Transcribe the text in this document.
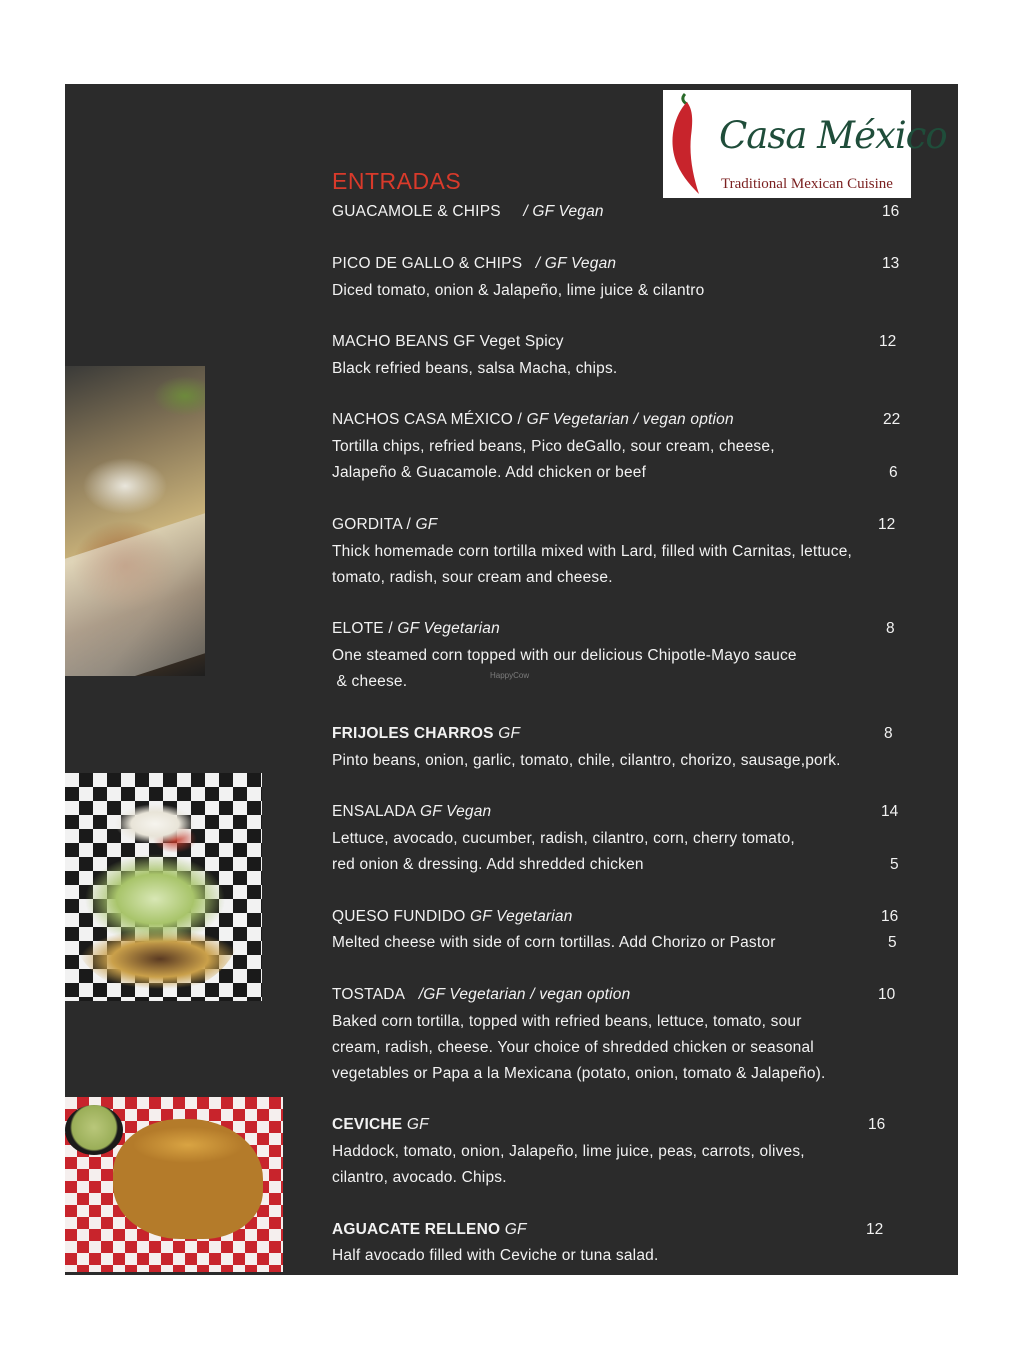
Casa México
Traditional Mexican Cuisine
ENTRADAS
GUACAMOLE & CHIPS / GF Vegan	16
PICO DE GALLO & CHIPS / GF Vegan	13
Diced tomato, onion & Jalapeño, lime juice & cilantro
MACHO BEANS GF Veget Spicy	12
Black refried beans, salsa Macha, chips.
NACHOS CASA MÉXICO / GF Vegetarian / vegan option	22
Tortilla chips, refried beans, Pico deGallo, sour cream, cheese,
Jalapeño & Guacamole. Add chicken or beef	6
GORDITA / GF	12
Thick homemade corn tortilla mixed with Lard, filled with Carnitas, lettuce,
tomato, radish, sour cream and cheese.
ELOTE / GF Vegetarian	8
One steamed corn topped with our delicious Chipotle-Mayo sauce
& cheese.	HappyCow
FRIJOLES CHARROS GF	8
Pinto beans, onion, garlic, tomato, chile, cilantro, chorizo, sausage,pork.
ENSALADA GF Vegan	14
Lettuce, avocado, cucumber, radish, cilantro, corn, cherry tomato,
red onion & dressing. Add shredded chicken	5
QUESO FUNDIDO GF Vegetarian	16
Melted cheese with side of corn tortillas. Add Chorizo or Pastor	5
TOSTADA /GF Vegetarian / vegan option	10
Baked corn tortilla, topped with refried beans, lettuce, tomato, sour
cream, radish, cheese. Your choice of shredded chicken or seasonal
vegetables or Papa a la Mexicana (potato, onion, tomato & Jalapeño).
CEVICHE GF	16
Haddock, tomato, onion, Jalapeño, lime juice, peas, carrots, olives,
cilantro, avocado. Chips.
AGUACATE RELLENO GF	12
Half avocado filled with Ceviche or tuna salad.
